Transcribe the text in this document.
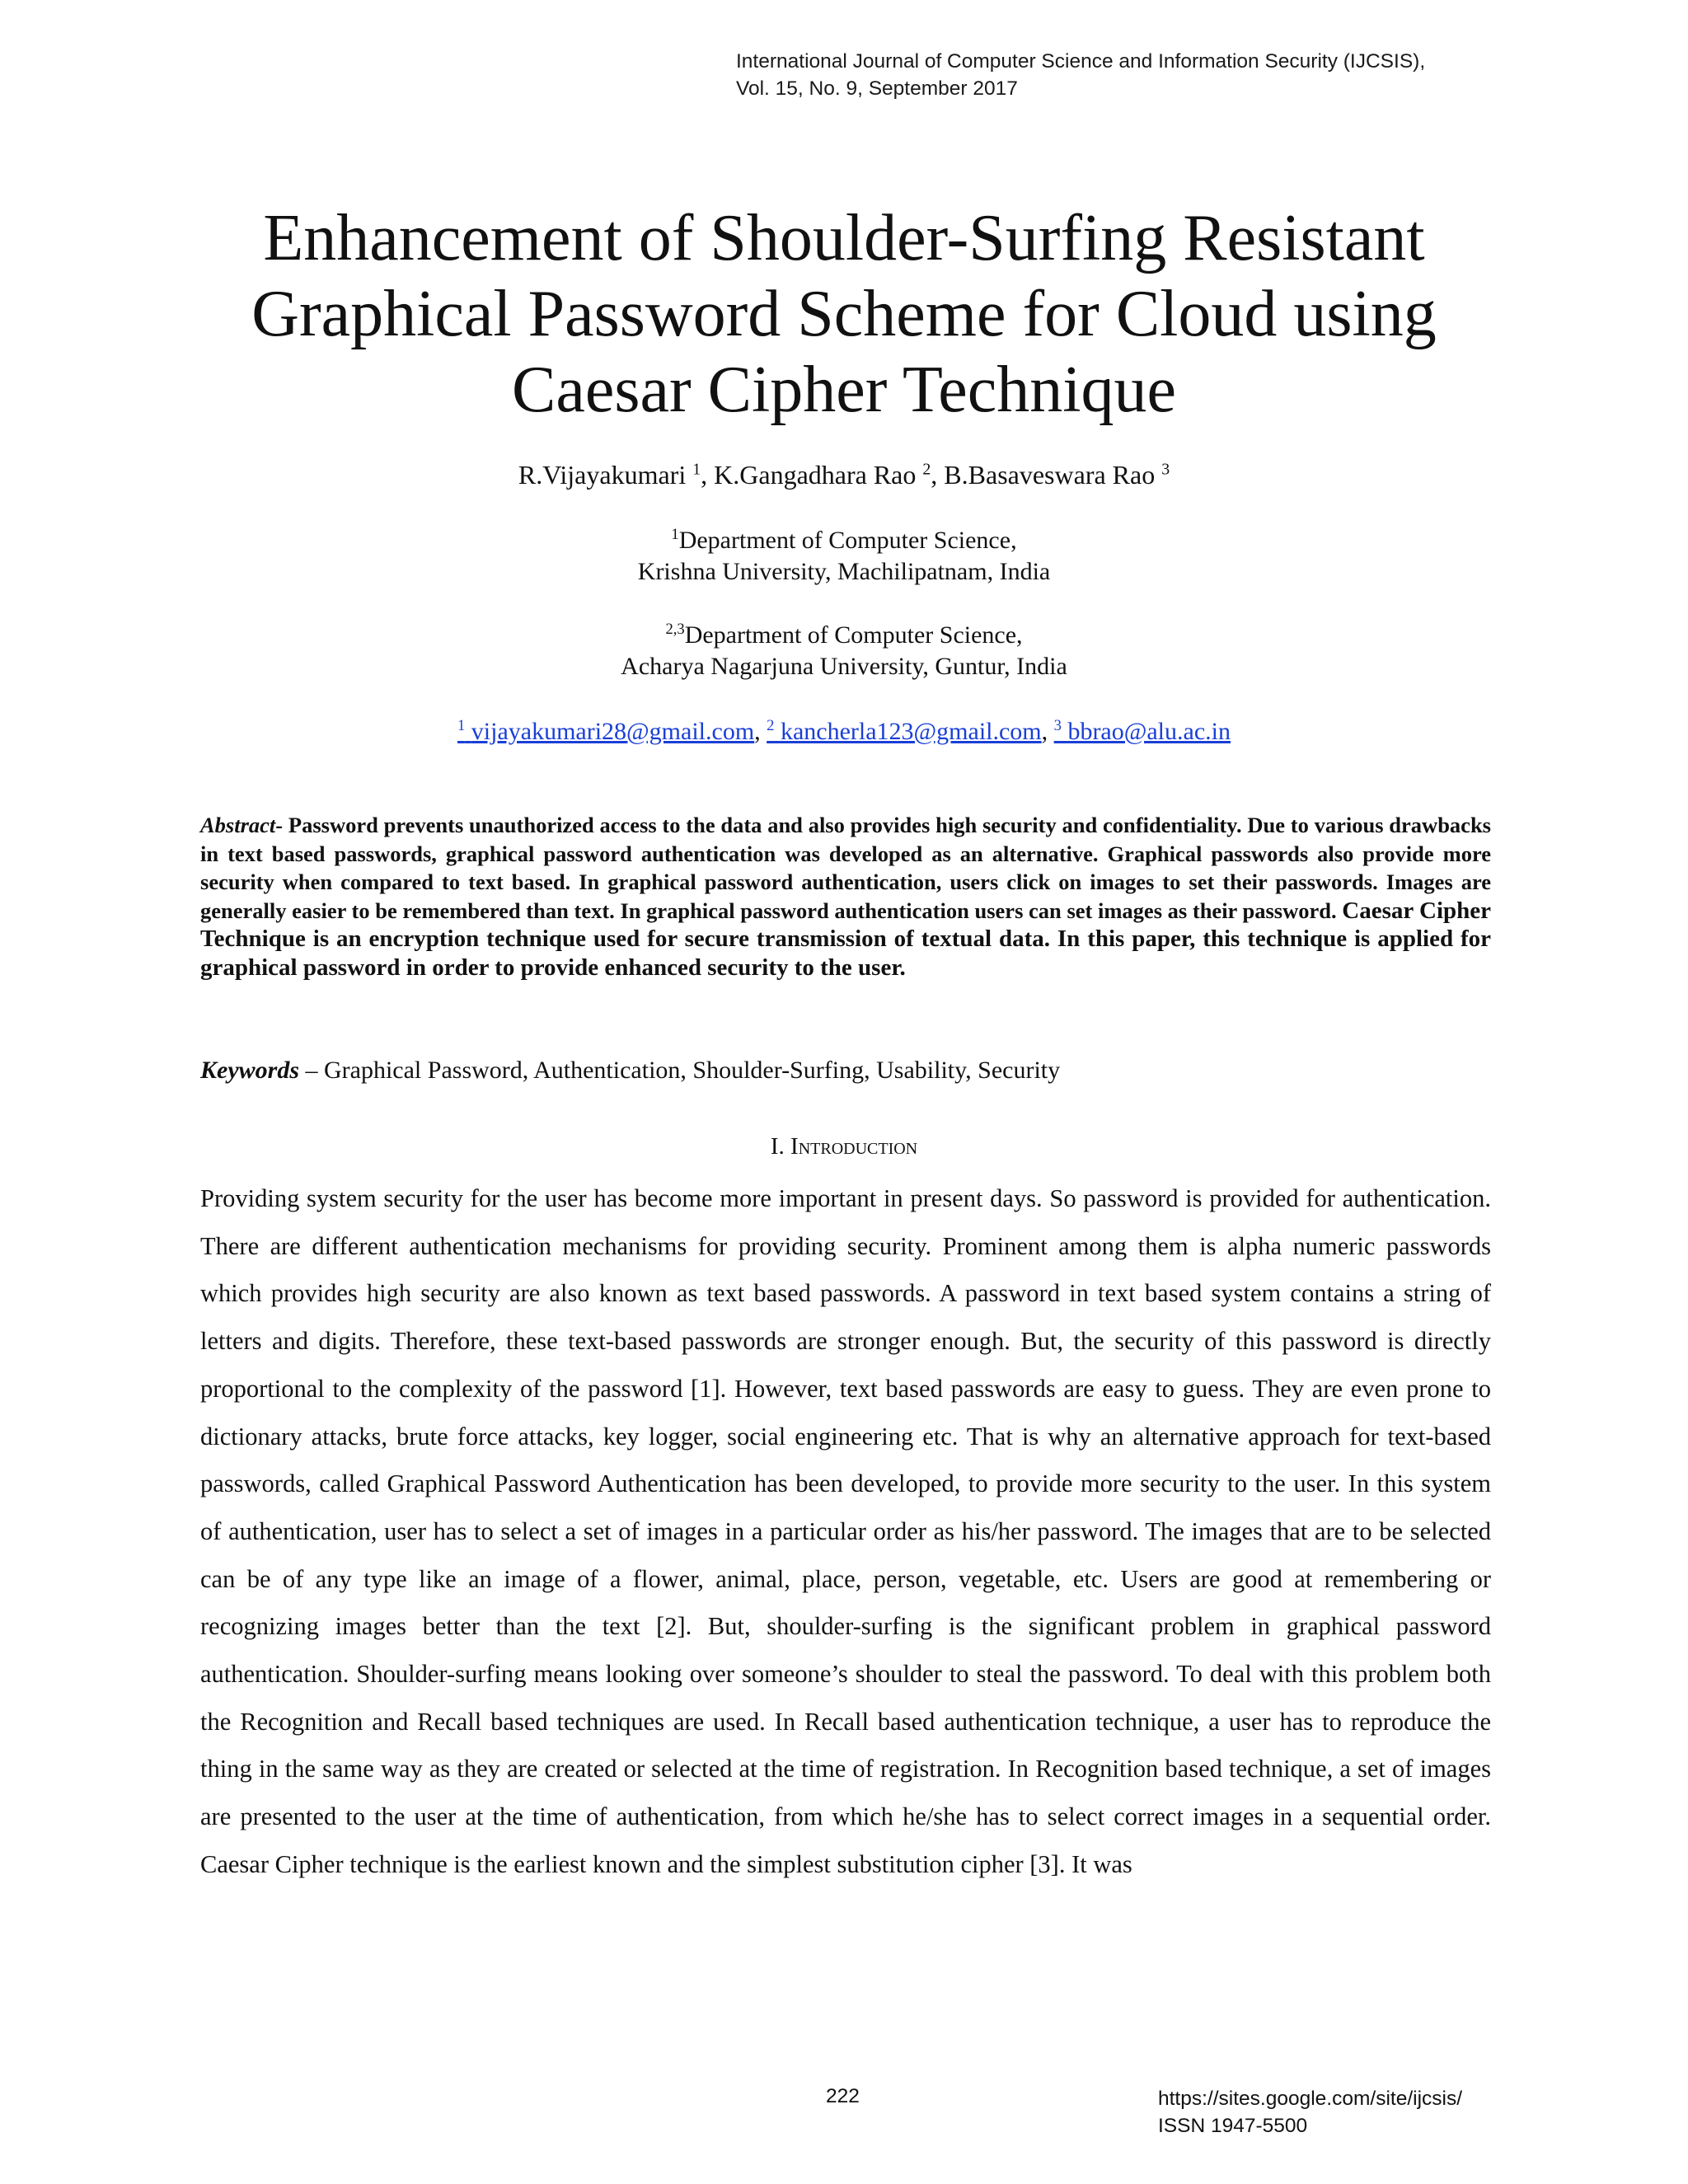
International Journal of Computer Science and Information Security (IJCSIS),
Vol. 15, No. 9, September 2017
Enhancement of Shoulder-Surfing Resistant
Graphical Password Scheme for Cloud using
Caesar Cipher Technique
R.Vijayakumari $^1$, K.Gangadhara Rao $^2$, B.Basaveswara Rao $^3$
$^1$Department of Computer Science,
Krishna University, Machilipatnam, India
$^{2,3}$Department of Computer Science,
Acharya Nagarjuna University, Guntur, India
$^1$ vijayakumari28@gmail.com, $^2$ kancherla123@gmail.com, $^3$ bbrao@alu.ac.in
Abstract- Password prevents unauthorized access to the data and also provides high security and confidentiality. Due to various drawbacks in text based passwords, graphical password authentication was developed as an alternative. Graphical passwords also provide more security when compared to text based. In graphical password authentication, users click on images to set their passwords. Images are generally easier to be remembered than text. In graphical password authentication users can set images as their password. Caesar Cipher Technique is an encryption technique used for secure transmission of textual data. In this paper, this technique is applied for graphical password in order to provide enhanced security to the user.
Keywords – Graphical Password, Authentication, Shoulder-Surfing, Usability, Security
I. Introduction
Providing system security for the user has become more important in present days. So password is provided for authentication. There are different authentication mechanisms for providing security. Prominent among them is alpha numeric passwords which provides high security are also known as text based passwords. A password in text based system contains a string of letters and digits. Therefore, these text-based passwords are stronger enough. But, the security of this password is directly proportional to the complexity of the password [1]. However, text based passwords are easy to guess. They are even prone to dictionary attacks, brute force attacks, key logger, social engineering etc. That is why an alternative approach for text-based passwords, called Graphical Password Authentication has been developed, to provide more security to the user. In this system of authentication, user has to select a set of images in a particular order as his/her password. The images that are to be selected can be of any type like an image of a flower, animal, place, person, vegetable, etc. Users are good at remembering or recognizing images better than the text [2]. But, shoulder-surfing is the significant problem in graphical password authentication. Shoulder-surfing means looking over someone’s shoulder to steal the password. To deal with this problem both the Recognition and Recall based techniques are used. In Recall based authentication technique, a user has to reproduce the thing in the same way as they are created or selected at the time of registration. In Recognition based technique, a set of images are presented to the user at the time of authentication, from which he/she has to select correct images in a sequential order. Caesar Cipher technique is the earliest known and the simplest substitution cipher [3]. It was
222	https://sites.google.com/site/ijcsis/
ISSN 1947-5500
